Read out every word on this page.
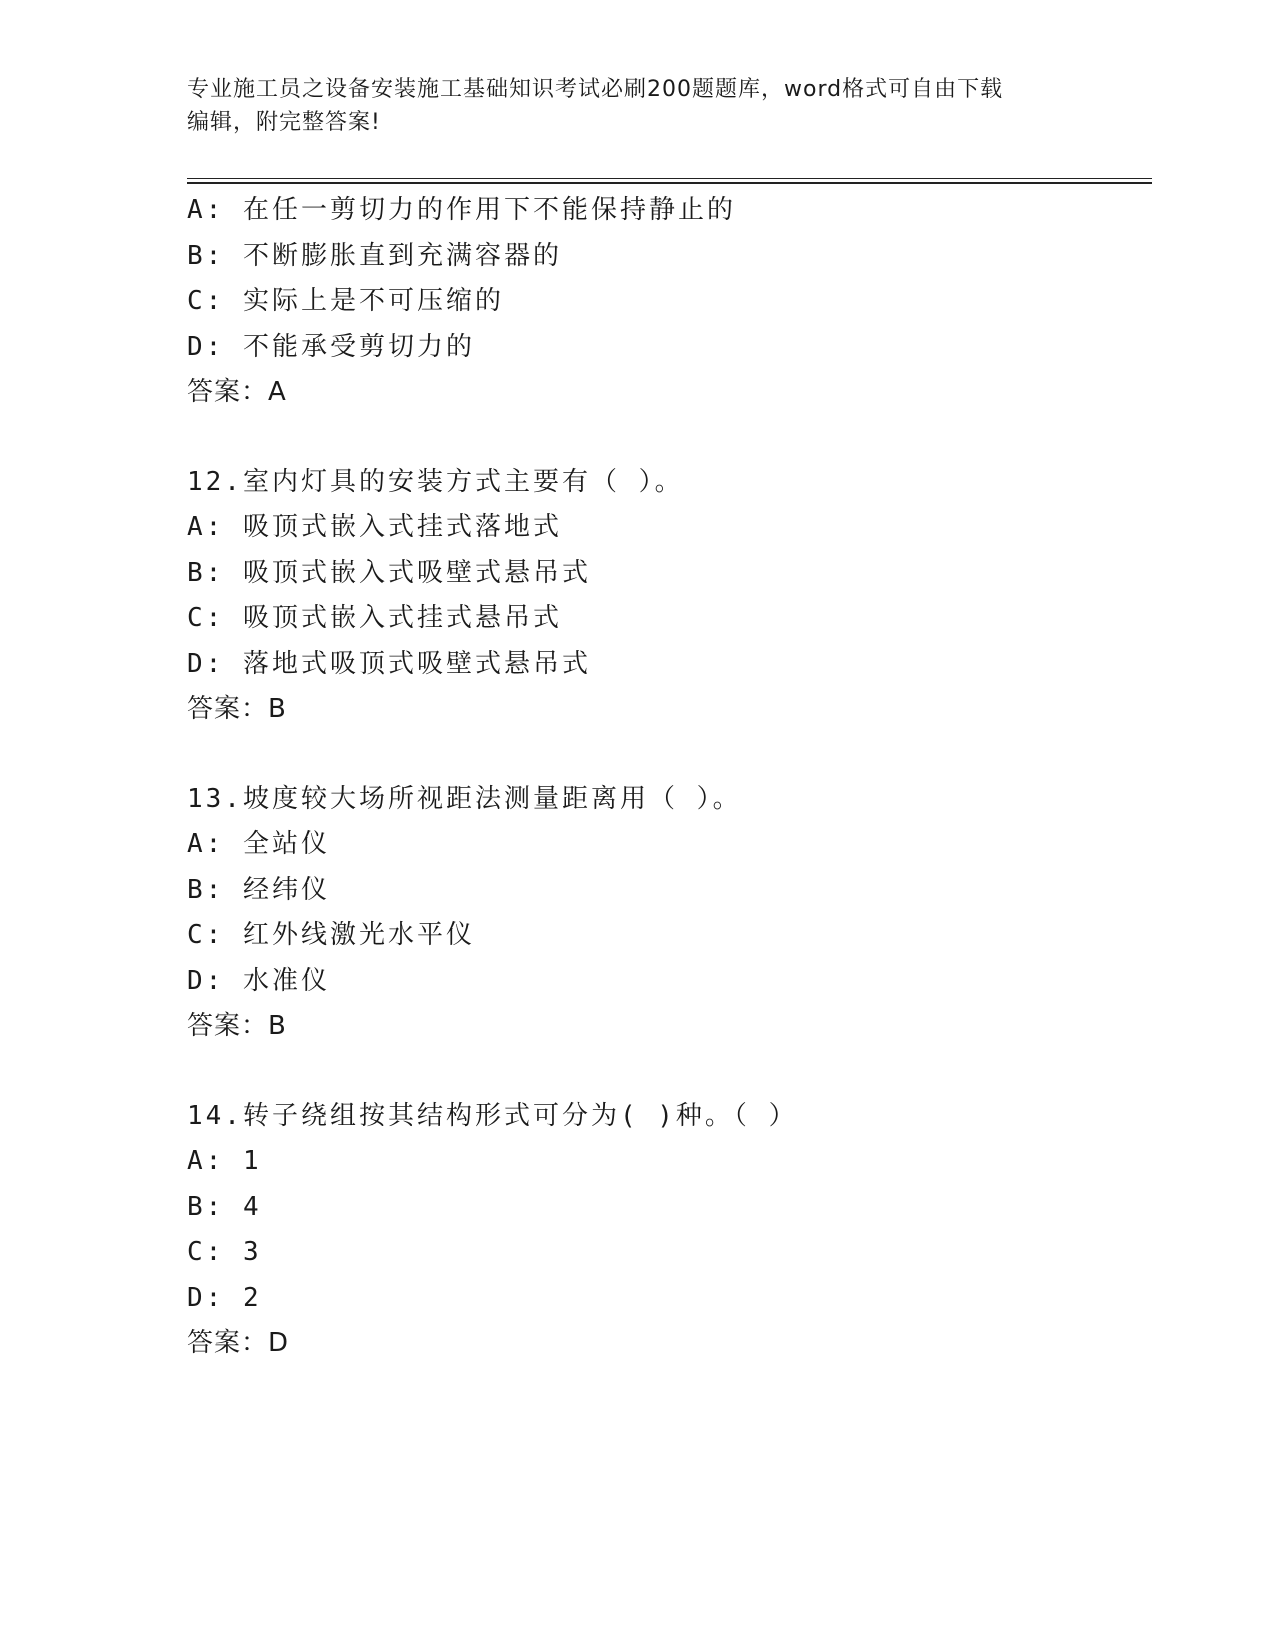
专业施工员之设备安装施工基础知识考试必刷200题题库，word格式可自由下载
编辑，附完整答案!
A: 在任一剪切力的作用下不能保持静止的
B: 不断膨胀直到充满容器的
C: 实际上是不可压缩的
D: 不能承受剪切力的
答案：A
12.室内灯具的安装方式主要有（ ）。
A: 吸顶式嵌入式挂式落地式
B: 吸顶式嵌入式吸壁式悬吊式
C: 吸顶式嵌入式挂式悬吊式
D: 落地式吸顶式吸壁式悬吊式
答案：B
13.坡度较大场所视距法测量距离用（ ）。
A: 全站仪
B: 经纬仪
C: 红外线激光水平仪
D: 水准仪
答案：B
14.转子绕组按其结构形式可分为( )种。（ ）
A: 1
B: 4
C: 3
D: 2
答案：D
